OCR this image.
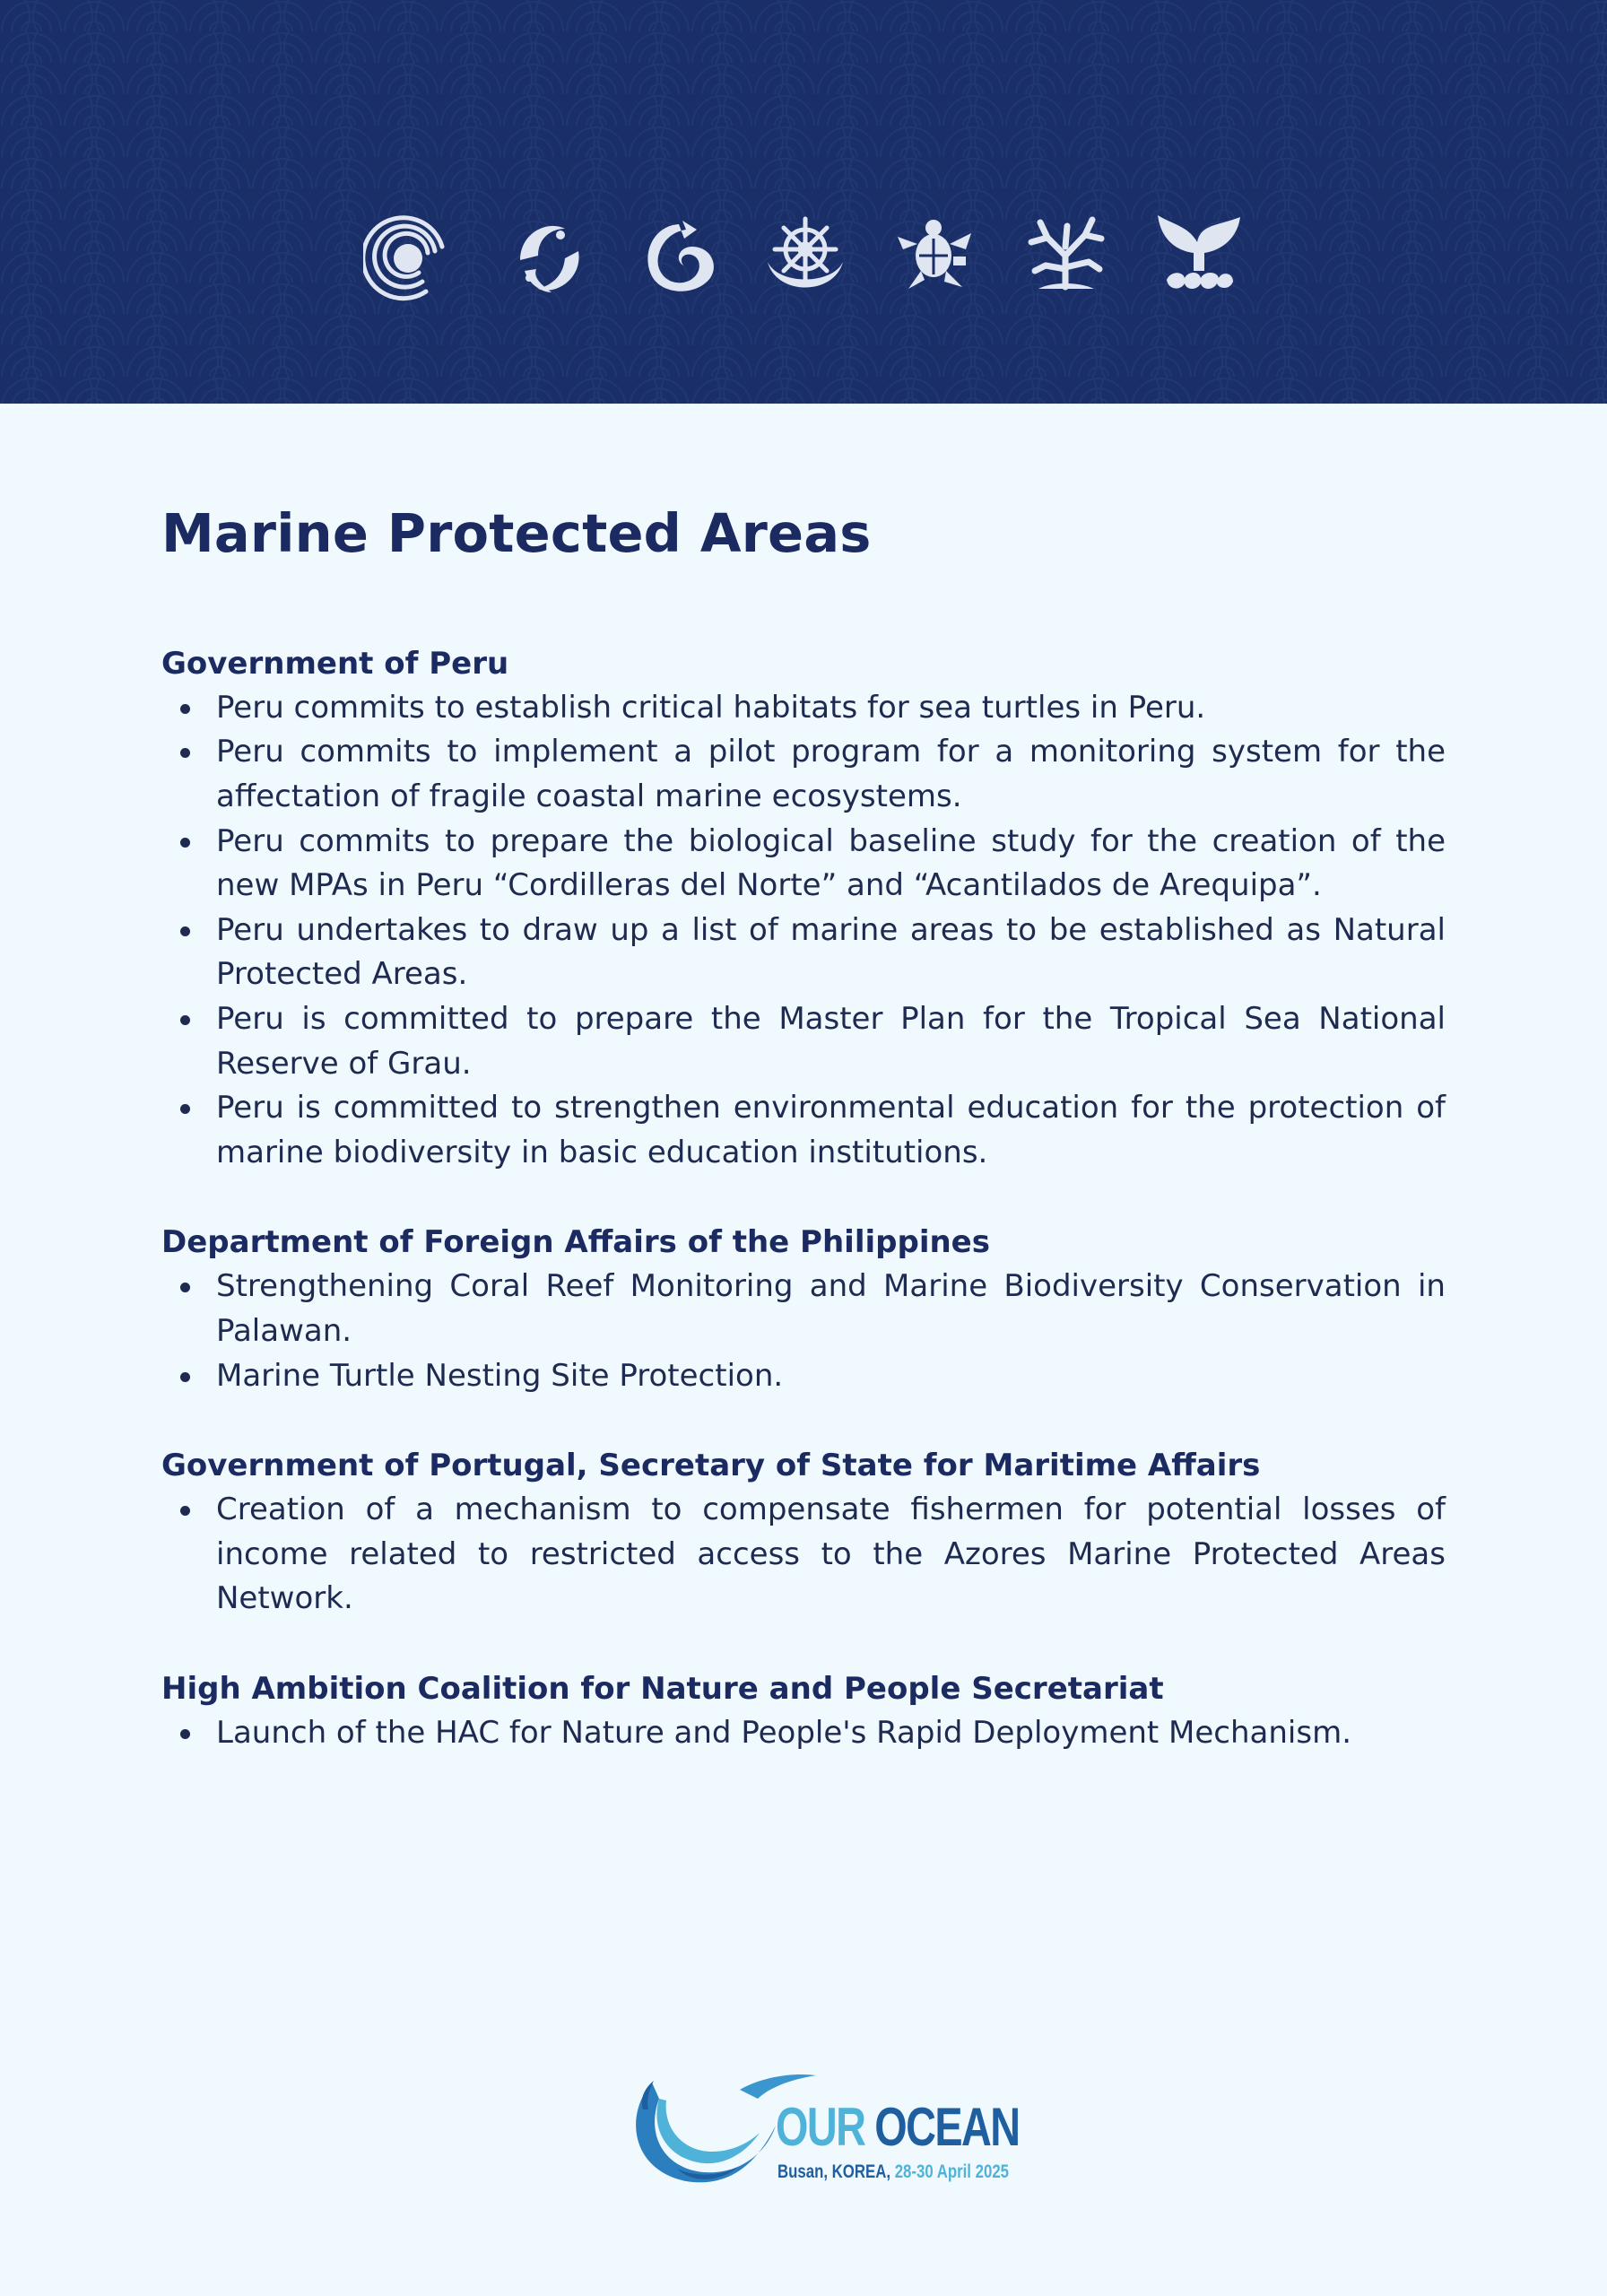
Marine Protected Areas
Government of Peru
Peru commits to establish critical habitats for sea turtles in Peru.
Peru commits to implement a pilot program for a monitoring system for the affectation of fragile coastal marine ecosystems.
Peru commits to prepare the biological baseline study for the creation of the new MPAs in Peru “Cordilleras del Norte” and “Acantilados de Arequipa”.
Peru undertakes to draw up a list of marine areas to be established as Natural Protected Areas.
Peru is committed to prepare the Master Plan for the Tropical Sea National Reserve of Grau.
Peru is committed to strengthen environmental education for the protection of marine biodiversity in basic education institutions.
Department of Foreign Affairs of the Philippines
Strengthening Coral Reef Monitoring and Marine Biodiversity Conservation in Palawan.
Marine Turtle Nesting Site Protection.
Government of Portugal, Secretary of State for Maritime Affairs
Creation of a mechanism to compensate fishermen for potential losses of income related to restricted access to the Azores Marine Protected Areas Network.
High Ambition Coalition for Nature and People Secretariat
Launch of the HAC for Nature and People's Rapid Deployment Mechanism.
OUR OCEAN
Busan, KOREA, 28-30 April 2025
